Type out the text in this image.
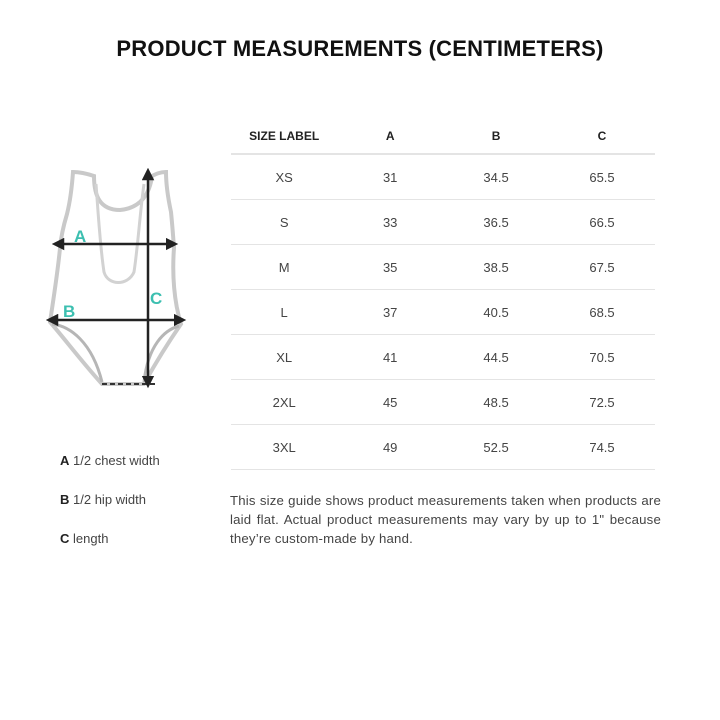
PRODUCT MEASUREMENTS (CENTIMETERS)
A
B
C
A 1/2 chest width
B 1/2 hip width
C length
SIZE LABEL	A	B	C
XS	31	34.5	65.5
S	33	36.5	66.5
M	35	38.5	67.5
L	37	40.5	68.5
XL	41	44.5	70.5
2XL	45	48.5	72.5
3XL	49	52.5	74.5
This size guide shows product measurements taken when products are laid flat. Actual product measurements may vary by up to 1" because they’re custom-made by hand.
